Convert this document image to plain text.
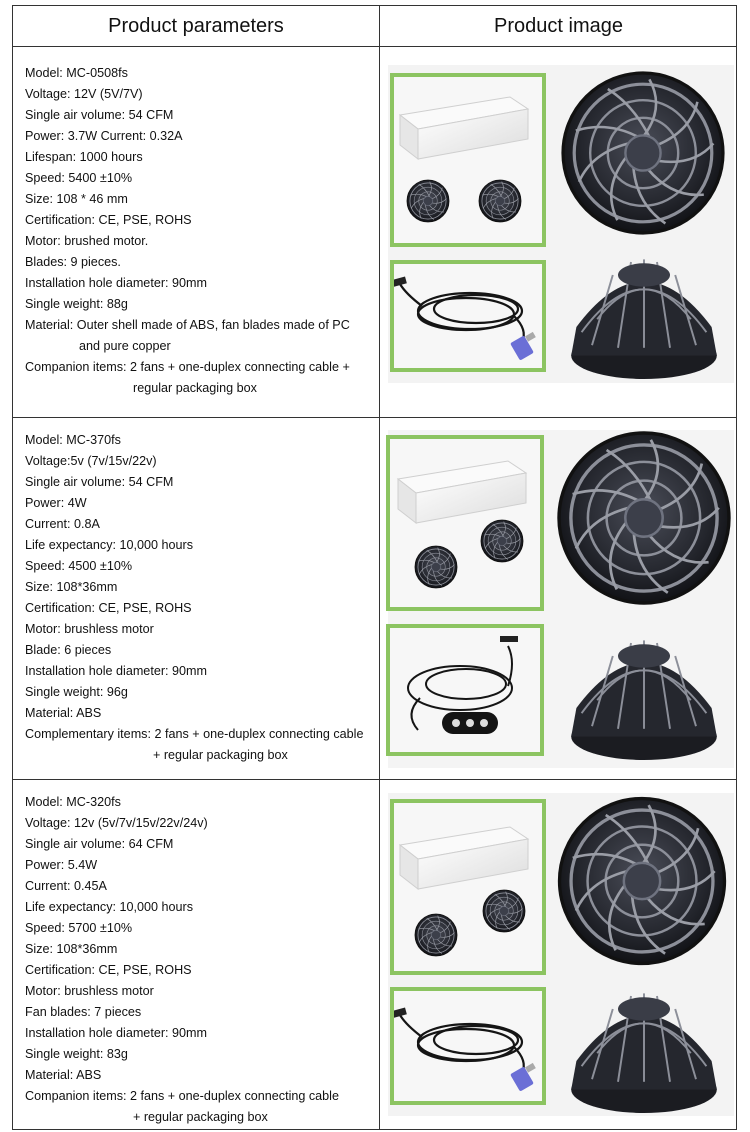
Product parameters	Product image
Model: MC-0508fs
Voltage: 12V (5V/7V)
Single air volume: 54 CFM
Power: 3.7W Current: 0.32A
Lifespan: 1000 hours
Speed: 5400 ±10%
Size: 108 * 46 mm
Certification: CE, PSE, ROHS
Motor: brushed motor.
Blades: 9 pieces.
Installation hole diameter: 90mm
Single weight: 88g
Material: Outer shell made of ABS, fan blades made of PC
and pure copper
Companion items: 2 fans + one-duplex connecting cable +
regular packaging box
Model: MC-370fs
Voltage:5v (7v/15v/22v)
Single air volume: 54 CFM
Power: 4W
Current: 0.8A
Life expectancy: 10,000 hours
Speed: 4500 ±10%
Size: 108*36mm
Certification: CE, PSE, ROHS
Motor: brushless motor
Blade: 6 pieces
Installation hole diameter: 90mm
Single weight: 96g
Material: ABS
Complementary items: 2 fans + one-duplex connecting cable
+ regular packaging box
Model: MC-320fs
Voltage: 12v (5v/7v/15v/22v/24v)
Single air volume: 64 CFM
Power: 5.4W
Current: 0.45A
Life expectancy: 10,000 hours
Speed: 5700 ±10%
Size: 108*36mm
Certification: CE, PSE, ROHS
Motor: brushless motor
Fan blades: 7 pieces
Installation hole diameter: 90mm
Single weight: 83g
Material: ABS
Companion items: 2 fans + one-duplex connecting cable
+ regular packaging box
